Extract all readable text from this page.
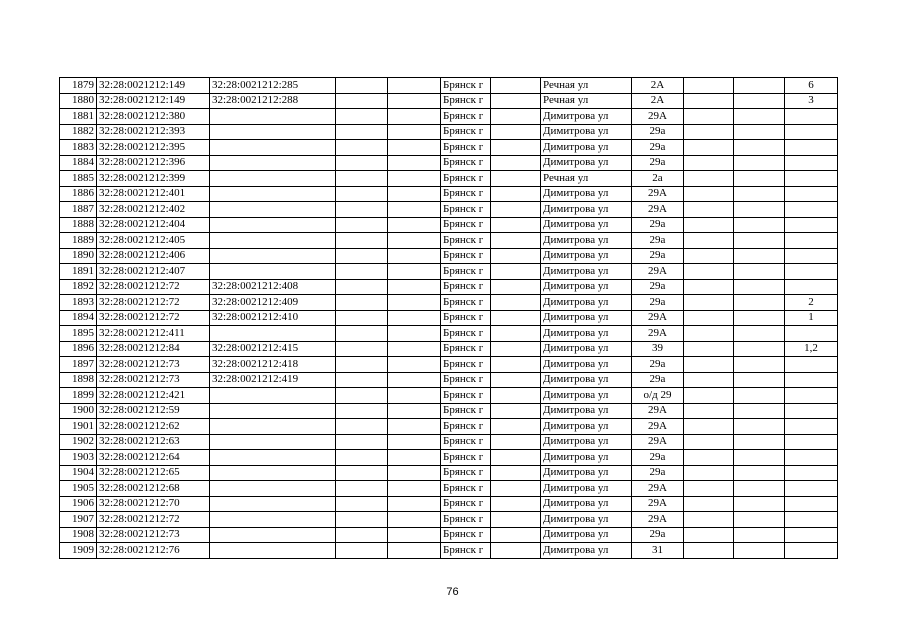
1879	32:28:0021212:149	32:28:0021212:285			Брянск г		Речная ул	2А			6
1880	32:28:0021212:149	32:28:0021212:288			Брянск г		Речная ул	2А			3
1881	32:28:0021212:380				Брянск г		Димитрова ул	29А			
1882	32:28:0021212:393				Брянск г		Димитрова ул	29а			
1883	32:28:0021212:395				Брянск г		Димитрова ул	29а			
1884	32:28:0021212:396				Брянск г		Димитрова ул	29а			
1885	32:28:0021212:399				Брянск г		Речная ул	2а			
1886	32:28:0021212:401				Брянск г		Димитрова ул	29А			
1887	32:28:0021212:402				Брянск г		Димитрова ул	29А			
1888	32:28:0021212:404				Брянск г		Димитрова ул	29а			
1889	32:28:0021212:405				Брянск г		Димитрова ул	29а			
1890	32:28:0021212:406				Брянск г		Димитрова ул	29а			
1891	32:28:0021212:407				Брянск г		Димитрова ул	29А			
1892	32:28:0021212:72	32:28:0021212:408			Брянск г		Димитрова ул	29а			
1893	32:28:0021212:72	32:28:0021212:409			Брянск г		Димитрова ул	29а			2
1894	32:28:0021212:72	32:28:0021212:410			Брянск г		Димитрова ул	29А			1
1895	32:28:0021212:411				Брянск г		Димитрова ул	29А			
1896	32:28:0021212:84	32:28:0021212:415			Брянск г		Димитрова ул	39			1,2
1897	32:28:0021212:73	32:28:0021212:418			Брянск г		Димитрова ул	29а			
1898	32:28:0021212:73	32:28:0021212:419			Брянск г		Димитрова ул	29а			
1899	32:28:0021212:421				Брянск г		Димитрова ул	о/д 29			
1900	32:28:0021212:59				Брянск г		Димитрова ул	29А			
1901	32:28:0021212:62				Брянск г		Димитрова ул	29А			
1902	32:28:0021212:63				Брянск г		Димитрова ул	29А			
1903	32:28:0021212:64				Брянск г		Димитрова ул	29а			
1904	32:28:0021212:65				Брянск г		Димитрова ул	29а			
1905	32:28:0021212:68				Брянск г		Димитрова ул	29А			
1906	32:28:0021212:70				Брянск г		Димитрова ул	29А			
1907	32:28:0021212:72				Брянск г		Димитрова ул	29А			
1908	32:28:0021212:73				Брянск г		Димитрова ул	29а			
1909	32:28:0021212:76				Брянск г		Димитрова ул	31			
76
